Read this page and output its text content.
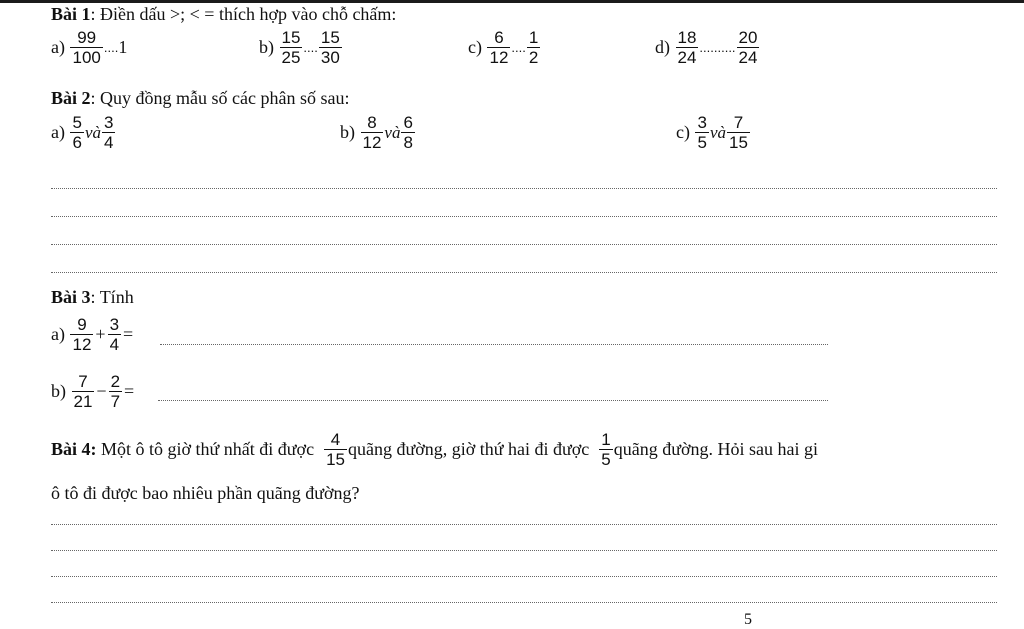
Bài 1: Điền dấu >; < = thích hợp vào chỗ chấm:
a)
$\frac{99}{100}$ .... 1	b)
$\frac{15}{25}$ .... $\frac{15}{30}$	c)
$\frac{6}{12}$ .... $\frac{1}{2}$	d)
$\frac{18}{24}$ .......... $\frac{20}{24}$
Bài 2: Quy đồng mẫu số các phân số sau:
a)
$\frac{5}{6}$ và $\frac{3}{4}$	b)
$\frac{8}{12}$ và $\frac{6}{8}$	c)
$\frac{3}{5}$ và $\frac{7}{15}$
Bài 3: Tính
a)
$\frac{9}{12} + \frac{3}{4}$ =
b)
$\frac{7}{21} - \frac{2}{7}$ =
Bài 4:
Một ô tô giờ thứ nhất đi được
$\frac{4}{15}$ quãng đường, giờ thứ hai đi được
$\frac{1}{5}$ quãng đường. Hỏi sau hai gi
ô tô đi được bao nhiêu phần quãng đường?
5
